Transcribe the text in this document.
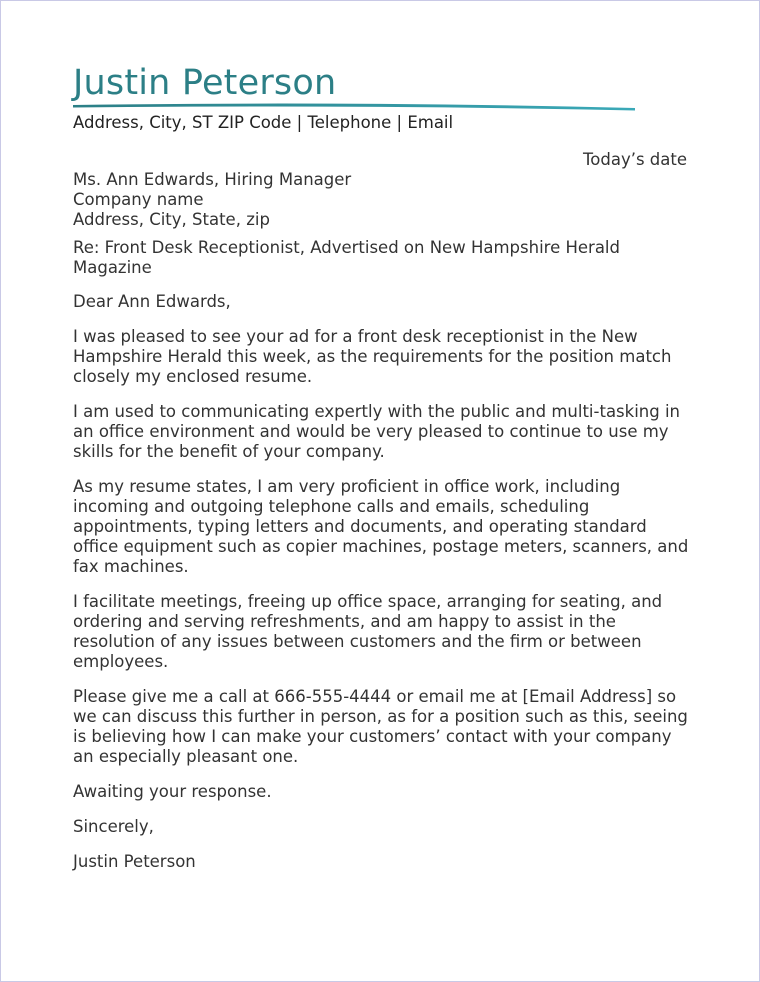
Justin Peterson
Address, City, ST ZIP Code | Telephone | Email
Today’s date

Ms. Ann Edwards, Hiring Manager
Company name
Address, City, State, zip

Re: Front Desk Receptionist, Advertised on New Hampshire Herald Magazine

Dear Ann Edwards,

I was pleased to see your ad for a front desk receptionist in the New Hampshire Herald this week, as the requirements for the position match closely my enclosed resume.

I am used to communicating expertly with the public and multi-tasking in an office environment and would be very pleased to continue to use my skills for the benefit of your company.

As my resume states, I am very proficient in office work, including incoming and outgoing telephone calls and emails, scheduling appointments, typing letters and documents, and operating standard office equipment such as copier machines, postage meters, scanners, and fax machines.

I facilitate meetings, freeing up office space, arranging for seating, and ordering and serving refreshments, and am happy to assist in the resolution of any issues between customers and the firm or between employees.

Please give me a call at 666-555-4444 or email me at [Email Address] so we can discuss this further in person, as for a position such as this, seeing is believing how I can make your customers’ contact with your company an especially pleasant one.

Awaiting your response.

Sincerely,

Justin Peterson
